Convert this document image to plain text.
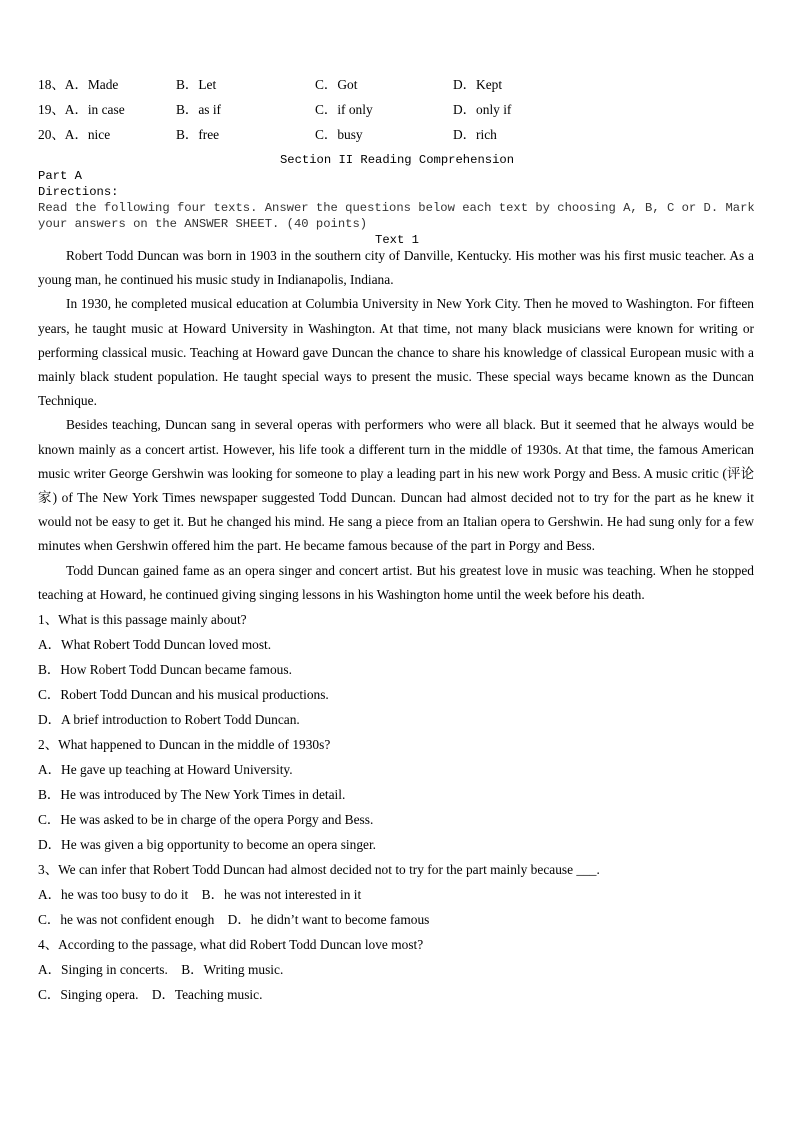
18、A．Made	B．Let	C．Got	D．Kept
19、A．in case	B．as if	C．if only	D．only if
20、A．nice	B．free	C．busy	D．rich
Section II Reading Comprehension
Part A
Directions:
Read the following four texts. Answer the questions below each text by choosing A, B, C or D. Mark your answers on the ANSWER SHEET. (40 points)
Text 1

Robert Todd Duncan was born in 1903 in the southern city of Danville, Kentucky. His mother was his first music teacher. As a young man, he continued his music study in Indianapolis, Indiana.

In 1930, he completed musical education at Columbia University in New York City. Then he moved to Washington. For fifteen years, he taught music at Howard University in Washington. At that time, not many black musicians were known for writing or performing classical music. Teaching at Howard gave Duncan the chance to share his knowledge of classical European music with a mainly black student population. He taught special ways to present the music. These special ways became known as the Duncan Technique.

Besides teaching, Duncan sang in several operas with performers who were all black. But it seemed that he always would be known mainly as a concert artist. However, his life took a different turn in the middle of 1930s. At that time, the famous American music writer George Gershwin was looking for someone to play a leading part in his new work Porgy and Bess. A music critic (评论家) of The New York Times newspaper suggested Todd Duncan. Duncan had almost decided not to try for the part as he knew it would not be easy to get it. But he changed his mind. He sang a piece from an Italian opera to Gershwin. He had sung only for a few minutes when Gershwin offered him the part. He became famous because of the part in Porgy and Bess.

Todd Duncan gained fame as an opera singer and concert artist. But his greatest love in music was teaching. When he stopped teaching at Howard, he continued giving singing lessons in his Washington home until the week before his death.

1、What is this passage mainly about?
A．What Robert Todd Duncan loved most.
B．How Robert Todd Duncan became famous.
C．Robert Todd Duncan and his musical productions.
D．A brief introduction to Robert Todd Duncan.
2、What happened to Duncan in the middle of 1930s?
A．He gave up teaching at Howard University.
B．He was introduced by The New York Times in detail.
C．He was asked to be in charge of the opera Porgy and Bess.
D．He was given a big opportunity to become an opera singer.
3、We can infer that Robert Todd Duncan had almost decided not to try for the part mainly because ___.
A．he was too busy to do it    B．he was not interested in it
C．he was not confident enough    D．he didn’t want to become famous
4、According to the passage, what did Robert Todd Duncan love most?
A．Singing in concerts.    B．Writing music.
C．Singing opera.    D．Teaching music.
